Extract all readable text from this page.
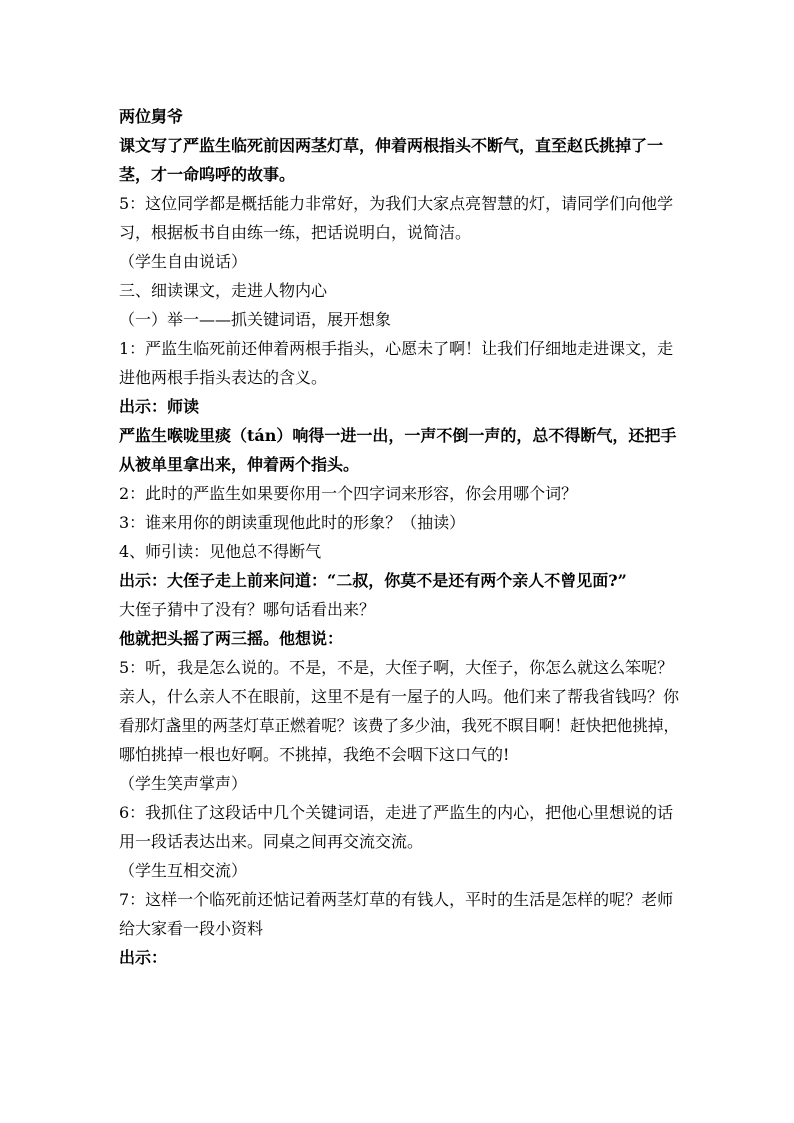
两位舅爷
课文写了严监生临死前因两茎灯草，伸着两根指头不断气，直至赵氏挑掉了一
茎，才一命呜呼的故事。
5：这位同学都是概括能力非常好，为我们大家点亮智慧的灯，请同学们向他学
习，根据板书自由练一练，把话说明白，说简洁。
（学生自由说话）
三、细读课文，走进人物内心
（一）举一——抓关键词语，展开想象
1：严监生临死前还伸着两根手指头，心愿未了啊！让我们仔细地走进课文，走
进他两根手指头表达的含义。
出示：师读
严监生喉咙里痰（tán）响得一进一出，一声不倒一声的，总不得断气，还把手
从被单里拿出来，伸着两个指头。
2：此时的严监生如果要你用一个四字词来形容，你会用哪个词？
3：谁来用你的朗读重现他此时的形象？（抽读）
4、师引读：见他总不得断气
出示：大侄子走上前来问道：“二叔，你莫不是还有两个亲人不曾见面?”
大侄子猜中了没有？哪句话看出来？
他就把头摇了两三摇。他想说：
5：听，我是怎么说的。不是，不是，大侄子啊，大侄子，你怎么就这么笨呢？
亲人，什么亲人不在眼前，这里不是有一屋子的人吗。他们来了帮我省钱吗？你
看那灯盏里的两茎灯草正燃着呢？该费了多少油，我死不瞑目啊！赶快把他挑掉，
哪怕挑掉一根也好啊。不挑掉，我绝不会咽下这口气的!
（学生笑声掌声）
6：我抓住了这段话中几个关键词语，走进了严监生的内心，把他心里想说的话
用一段话表达出来。同桌之间再交流交流。
（学生互相交流）
7：这样一个临死前还惦记着两茎灯草的有钱人，平时的生活是怎样的呢？老师
给大家看一段小资料
出示：
